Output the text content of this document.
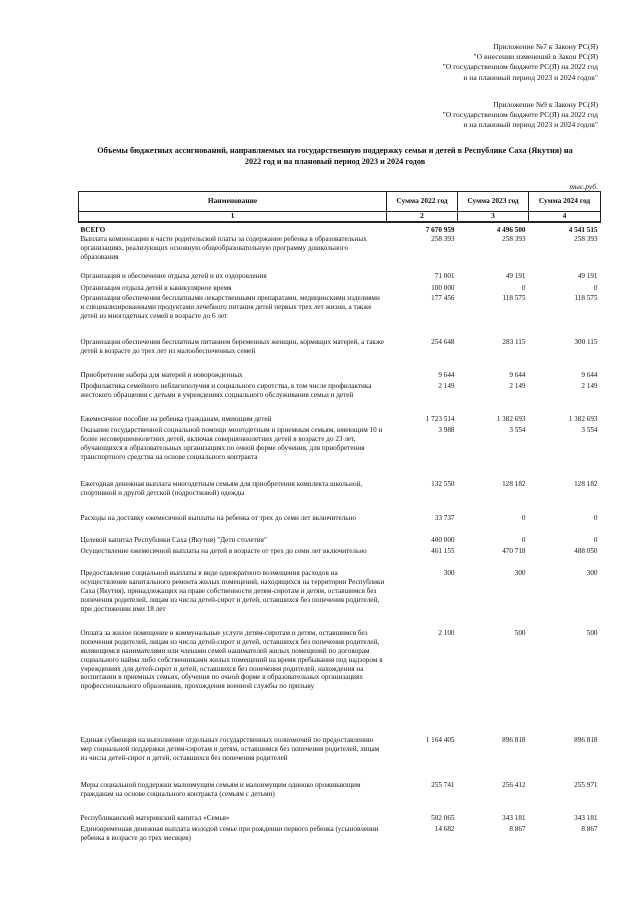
Приложение №7 к Закону РС(Я)
"О внесении изменений в Закон РС(Я)
"О государственном бюджете РС(Я) на 2022 год
и на плановый период 2023 и 2024 годов"
Приложение №9 к Закону РС(Я)
"О государственном бюджете РС(Я) на 2022 год
и на плановый период 2023 и 2024 годов"
Объемы бюджетных ассигнований, направляемых на государственную поддержку семьи и детей в Республике Саха (Якутия) на
2022 год и на плановый период 2023 и 2024 годов
тыс.руб.
Наименование	Сумма 2022 год	Сумма 2023 год	Сумма 2024 год
1	2	3	4
ВСЕГО	7 670 959	4 496 500	4 541 515
Выплата компенсации в части родительской платы за содержание ребенка в образовательных организациях, реализующих основную общеобразовательную программу дошкольного образования	258 393	258 393	258 393
Организация и обеспечение отдыха детей и их оздоровления	71 001	49 191	49 191
Организация отдыха детей в каникулярное время	100 000	0	0
Организация обеспечения бесплатными лекарственными препаратами, медицинскими изделиями и специализированными продуктами лечебного питания детей первых трех лет жизни, а также детей из многодетных семей в возрасте до 6 лет	177 456	118 575	118 575
Организация обеспечения бесплатным питанием беременных женщин, кормящих матерей, а также детей в возрасте до трех лет из малообеспеченных семей	254 648	283 115	300 115
Приобретение набора для матерей и новорожденных	9 644	9 644	9 644
Профилактика семейного неблагополучия и социального сиротства, в том числе профилактика жестокого обращения с детьми в учреждениях социального обслуживания семьи и детей	2 149	2 149	2 149
Ежемесячное пособие на ребенка гражданам, имеющим детей	1 723 514	1 382 693	1 382 693
Оказание государственной социальной помощи многодетным и приемным семьям, имеющим 10 и более несовершеннолетних детей, включая совершеннолетних детей в возрасте до 23 лет, обучающихся в образовательных организациях по очной форме обучения, для приобретения транспортного средства на основе социального контракта	3 988	3 554	3 554
Ежегодная денежная выплата многодетным семьям для приобретения комплекта школьной, спортивной и другой детской (подростковой) одежды	132 550	128 182	128 182
Расходы на доставку ежемесячной выплаты на ребенка от трех до семи лет включительно	33 737	0	0
Целевой капитал Республики Саха (Якутия) "Дети столетия"	400 000	0	0
Осуществление ежемесячной выплаты на детей в возрасте от трех до семи лет включительно	461 155	470 718	488 050
Предоставление социальной выплаты в виде однократного возмещения расходов на осуществление капитального ремонта жилых помещений, находящихся на территории Республики Саха (Якутия), принадлежащих на праве собственности детям-сиротам и детям, оставшимся без попечения родителей, лицам из числа детей-сирот и детей, оставшихся без попечения родителей, при достижении ими 18 лет	300	300	300
Оплата за жилое помещение и коммунальные услуги детям-сиротам и детям, оставшимся без попечения родителей, лицам из числа детей-сирот и детей, оставшихся без попечения родителей, являющимся нанимателями или членами семей нанимателей жилых помещений по договорам социального найма либо собственниками жилых помещений на время пребывания под надзором в учреждениях для детей-сирот и детей, оставшихся без попечения родителей, нахождения на воспитании в приемных семьях, обучения по очной форме в образовательных организациях профессионального образования, прохождения военной службы по призыву	2 100	500	500
Единая субвенция на выполнение отдельных государственных полномочий по предоставлению мер социальной поддержки детям-сиротам и детям, оставшимся без попечения родителей, лицам из числа детей-сирот и детей, оставшихся без попечения родителей	1 164 405	896 818	896 818
Меры социальной поддержки малоимущим семьям и малоимущим одиноко проживающим гражданам на основе социального контракта (семьям с детьми)	255 741	256 412	255 971
Республиканский материнский капитал «Семья»	502 065	343 181	343 181
Единовременная денежная выплата молодой семье при рождении первого ребенка (усыновлении ребенка в возрасте до трех месяцев)	14 682	8 867	8 867
